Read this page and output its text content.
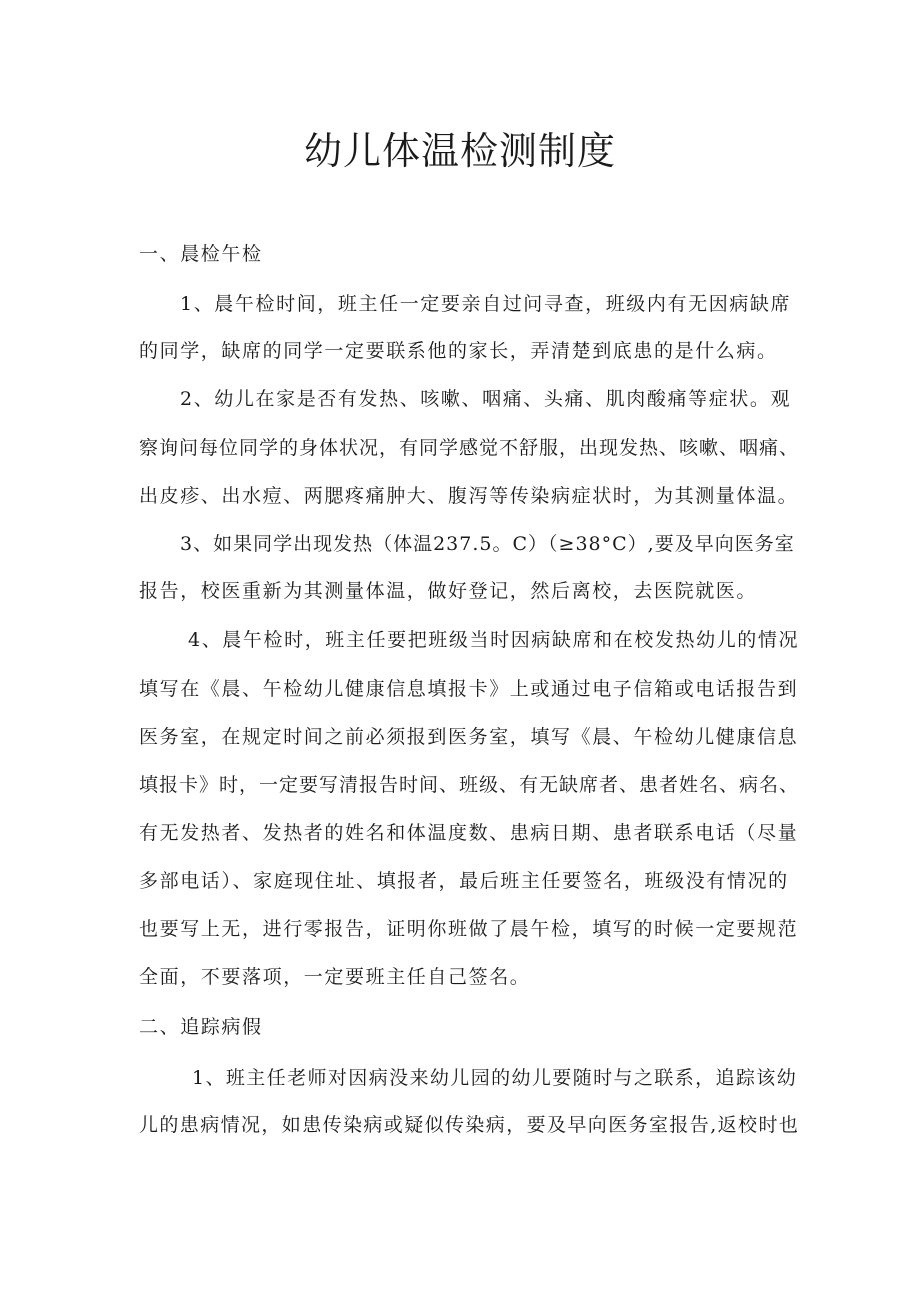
幼儿体温检测制度

一、晨检午检

1、晨午检时间，班主任一定要亲自过问寻查，班级内有无因病缺席

的同学，缺席的同学一定要联系他的家长，弄清楚到底患的是什么病。

2、幼儿在家是否有发热、咳嗽、咽痛、头痛、肌肉酸痛等症状。观

察询问每位同学的身体状况，有同学感觉不舒服，出现发热、咳嗽、咽痛、

出皮疹、出水痘、两腮疼痛肿大、腹泻等传染病症状时，为其测量体温。

3、如果同学出现发热（体温237.5。C）（≥38°C）,要及早向医务室

报告，校医重新为其测量体温，做好登记，然后离校，去医院就医。

4、晨午检时，班主任要把班级当时因病缺席和在校发热幼儿的情况

填写在《晨、午检幼儿健康信息填报卡》上或通过电子信箱或电话报告到

医务室，在规定时间之前必须报到医务室，填写《晨、午检幼儿健康信息

填报卡》时，一定要写清报告时间、班级、有无缺席者、患者姓名、病名、

有无发热者、发热者的姓名和体温度数、患病日期、患者联系电话（尽量

多部电话）、家庭现住址、填报者，最后班主任要签名，班级没有情况的

也要写上无，进行零报告，证明你班做了晨午检，填写的时候一定要规范

全面，不要落项，一定要班主任自己签名。

二、追踪病假

1、班主任老师对因病没来幼儿园的幼儿要随时与之联系，追踪该幼

儿的患病情况，如患传染病或疑似传染病，要及早向医务室报告,返校时也
